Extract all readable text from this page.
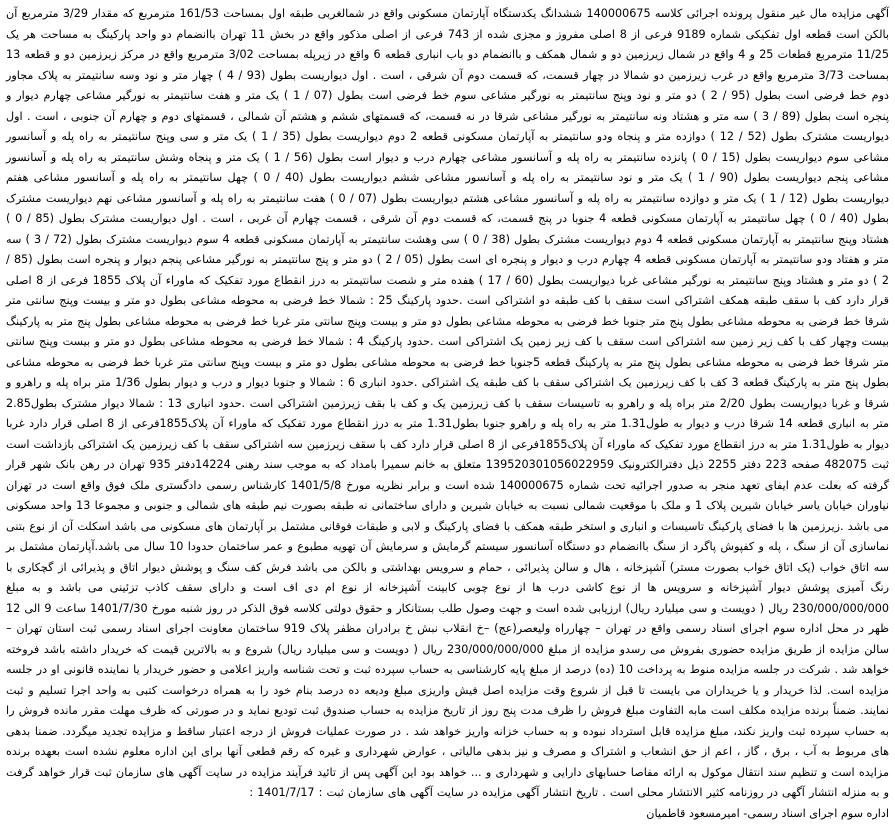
آگهی مزایده مال غیر منقول پرونده اجرائی کلاسه 140000675 ششدانگ یکدستگاه آپارتمان مسکونی واقع در شمالغربی طبقه اول بمساحت 161/53 مترمربع که مقدار 3/29 مترمربع آن بالکن است قطعه اول تفکیکی شماره 9189 فرعی از 8 اصلی مفروز و مجزی شده از 743 فرعی از اصلی مذکور واقع در بخش 11 تهران باانضمام دو واحد پارکینگ به مساحت هر یک 11/25 مترمربع قطعات 25 و 4 واقع در شمال زیرزمین دو و شمال همکف و باانضمام دو باب انباری قطعه 6 واقع در زیرپله بمساحت 3/02 مترمربع واقع در مرکز زیرزمین دو و قطعه 13 بمساحت 3/73 مترمربع واقع در غرب زیرزمین دو شمالا در چهار قسمت، که قسمت دوم آن شرقی ، است . اول دیواریست بطول (93 / 4 ) چهار متر و نود وسه سانتیمتر به پلاک مجاور دوم خط فرضی است بطول (95 / 2 ) دو متر و نود وپنج سانتیمتر به نورگیر مشاعی سوم خط فرضی است بطول (07 / 1 ) یک متر و هفت سانتیمتر به نورگیر مشاعی چهارم دیوار و پنجره است بطول (89 / 3 ) سه متر و هشتاد ونه سانتیمتر به نورگیر مشاعی شرقا در نه قسمت، که قسمتهای ششم و هشتم آن شمالی ، قسمتهای دوم و چهارم آن جنوبی ، است . اول دیواریست مشترک بطول (52 / 12 ) دوازده متر و پنجاه ودو سانتیمتر به آپارتمان مسکونی قطعه 2 دوم دیواریست بطول (35 / 1 ) یک متر و سی وپنج سانتیمتر به راه پله و آسانسور مشاعی سوم دیواریست بطول (15 / 0 ) پانزده سانتیمتر به راه پله و آسانسور مشاعی چهارم درب و دیوار است بطول (56 / 1 ) یک متر و پنجاه وشش سانتیمتر به راه پله و آسانسور مشاعی پنجم دیواریست بطول (90 / 1 ) یک متر و نود سانتیمتر به راه پله و آسانسور مشاعی ششم دیواریست بطول (40 / 0 ) چهل سانتیمتر به راه پله و آسانسور مشاعی هفتم دیواریست بطول (12 / 1 ) یک متر و دوازده سانتیمتر به راه پله و آسانسور مشاعی هشتم دیواریست بطول (07 / 0 ) هفت سانتیمتر به راه پله و آسانسور مشاعی نهم دیواریست مشترک بطول (40 / 0 ) چهل سانتیمتر به آپارتمان مسکونی قطعه 4 جنوبا در پنج قسمت، که قسمت دوم آن شرقی ، قسمت چهارم آن غربی ، است . اول دیواریست مشترک بطول (85 / 0 ) هشتاد وپنج سانتیمتر به آپارتمان مسکونی قطعه 4 دوم دیواریست مشترک بطول (38 / 0 ) سی وهشت سانتیمتر به آپارتمان مسکونی قطعه 4 سوم دیواریست مشترک بطول (72 / 3 ) سه متر و هفتاد ودو سانتیمتر به آپارتمان مسکونی قطعه 4 چهارم درب و دیوار و پنجره ای است بطول (05 / 2 ) دو متر و پنج سانتیمتر به نورگیر مشاعی پنجم دیوار و پنجره است بطول (85 / 2 ) دو متر و هشتاد وپنج سانتیمتر به نورگیر مشاعی غربا دیواریست بطول (60 / 17 ) هفده متر و شصت سانتیمتر به درز انقطاع مورد تفکیک که ماوراء آن پلاک 1855 فرعی از 8 اصلی قرار دارد کف با سقف طبقه همکف اشتراکی است سقف با کف طبقه دو اشتراکی است .حدود پارکینگ 25 : شمالا خط فرضی به محوطه مشاعی بطول دو متر و بیست وپنج سانتی متر شرقا خط فرضی به محوطه مشاعی بطول پنج متر جنوبا خط فرضی به محوطه مشاعی بطول دو متر و بیست وپنج سانتی متر غربا خط فرضی به محوطه مشاعی بطول پنج متر به پارکینگ بیست وچهار کف با کف زیر زمین سه اشتراکی است سقف با کف زیر زمین یک اشتراکی است .حدود پارکینگ 4 : شمالا خط فرضی به محوطه مشاعی بطول دو متر و بیست وپنج سانتی متر شرقا خط فرضی به محوطه مشاعی بطول پنج متر به پارکینگ قطعه 5جنوبا خط فرضی به محوطه مشاعی بطول دو متر و بیست وپنج سانتی متر غربا خط فرضی به محوطه مشاعی بطول پنج متر به پارکینگ قطعه 3 کف با کف زیرزمین یک اشتراکی سقف با کف طبقه یک اشتراکی .حدود انباری 6 : شمالا و جنوبا دیوار و درب و دیوار بطول 1/36 متر براه پله و راهرو و شرقا و غربا دیواریست بطول 2/20 متر براه پله و راهرو به تاسیسات سقف با کف زیرزمین یک و کف با بقف زیرزمین اشتراکی است .حدود انباری 13 : شمالا دیوار مشترک بطول2.85 متر به انباری قطعه 14 شرقا درب و دیوار به طول1.31 متر به راه پله و راهرو جنوبا بطول1.31 متر به درز انقطاع مورد تفکیک که ماوراء آن پلاک1855فرعی از 8 اصلی قرار دارد غربا دیوار به طول1.31 متر به درز انقطاع مورد تفکیک که ماوراء آن پلاک1855فرعی از 8 اصلی قرار دارد کف با سقف زیرزمین سه اشتراکی سقف با کف زیرزمین یک اشتراکی بازداشت است ثبت 482075 صفحه 223 دفتر 2255 ذیل دفترالکترونیک 139520301056022959 متعلق به خانم سمیرا بامداد که به موجب سند رهنی 14224دفتر 935 تهران در رهن بانک شهر قرار گرفته که بعلت عدم ایفای تعهد منجر به صدور اجرائیه تحت شماره 140000675 شده است و برابر نظریه مورخ 1401/5/8 کارشناس رسمی دادگستری ملک فوق واقع است در تهران نیاوران خیابان یاسر خیابان شیرین پلاک 1 و ملک با موقعیت شمالی نسبت به خیابان شیرین و دارای ساختمانی نه طبقه بصورت نیم طبقه های شمالی و جنوبی و مجموعا 13 واحد مسکونی می باشد .زیرزمین ها با فضای پارکینگ تاسیسات و انباری و استخر طبقه همکف با فضای پارکینگ و لابی و طبقات فوقانی مشتمل بر آپارتمان های مسکونی می باشد اسکلت آن از نوع بتنی نماسازی آن از سنگ ، پله و کفپوش پاگرد از سنگ باانضمام دو دستگاه آسانسور سیستم گرمایش و سرمایش آن تهویه مطبوع و عمر ساختمان حدودا 10 سال می باشد.آپارتمان مشتمل بر سه اتاق خواب (یک اتاق خواب بصورت مستر) آشپزخانه ، هال و سالن پذیرائی ، حمام و سرویس بهداشتی و بالکن می باشد فرش کف سنگ و پوشش دیوار اتاق و پذیرائی از گچکاری با رنگ آمیزی پوشش دیوار آشپزخانه و سرویس ها از نوع کاشی درب ها از نوع چوبی کابینت آشپزخانه از نوع ام دی اف است و دارای سقف کاذب تزئینی می باشد و به مبلغ 230/000/000/000 ریال ( دویست و سی میلیارد ریال) ارزیابی شده است و جهت وصول طلب بستانکار و حقوق دولتی کلاسه فوق الذکر در روز شنبه مورخ 1401/7/30 ساعت 9 الی 12 ظهر در محل اداره سوم اجرای اسناد رسمی واقع در تهران – چهارراه ولیعصر(عج) –خ انقلاب نبش خ برادران مظفر پلاک 919 ساختمان معاونت اجرای اسناد رسمی ثبت استان تهران – سالن مزایده از طریق مزایده حضوری بفروش می رسدو مزایده از مبلغ 230/000/000/000 ریال ( دویست و سی میلیارد ریال) شروع و به بالاترین قیمت که خریدار داشته باشد فروخته خواهد شد . شرکت در جلسه مزایده منوط به پرداخت 10 (ده) درصد از مبلغ پایه کارشناسی به حساب سپرده ثبت و تحت شناسه واریز اعلامی و حضور خریدار یا نماینده قانونی او در جلسه مزایده است. لذا خریدار و یا خریداران می بایست تا قبل از شروع وقت مزایده اصل فیش واریزی مبلغ ودیعه ده درصد بنام خود را به همراه درخواست کتبی به واحد اجرا تسلیم و ثبت نمایند. ضمناً برنده مزایده مکلف است مابه التفاوت مبلغ فروش را ظرف مدت پنج روز از تاریخ مزایده به حساب صندوق ثبت تودیع نماید و در صورتی که ظرف مهلت مقرر مانده فروش را به حساب سپرده ثبت واریز نکند، مبلغ مزایده قابل استرداد نبوده و به حساب خزانه واریز خواهد شد . در صورت عملیات فروش از درجه اعتبار ساقط و مزایده تجدید میگردد. ضمنا بدهی های مربوط به آب ، برق ، گاز ، اعم از حق انشعاب و اشتراک و مصرف و نیز بدهی مالیاتی ، عوارض شهرداری و غیره که رقم قطعی آنها برای این اداره معلوم نشده است بعهده برنده مزایده است و تنظیم سند انتقال موکول به ارائه مفاصا حسابهای دارایی و شهرداری و ... خواهد بود این آگهی پس از تائید فرآیند مزایده در سایت آگهی های سازمان ثبت قرار خواهد گرفت و به منزله انتشار آگهی در روزنامه کثیر الانتشار محلی است . تاریخ انتشار آگهی مزایده در سایت آگهی های سازمان ثبت : 1401/7/17 :

اداره سوم اجرای اسناد رسمی- امیرمسعود قاطمیان
